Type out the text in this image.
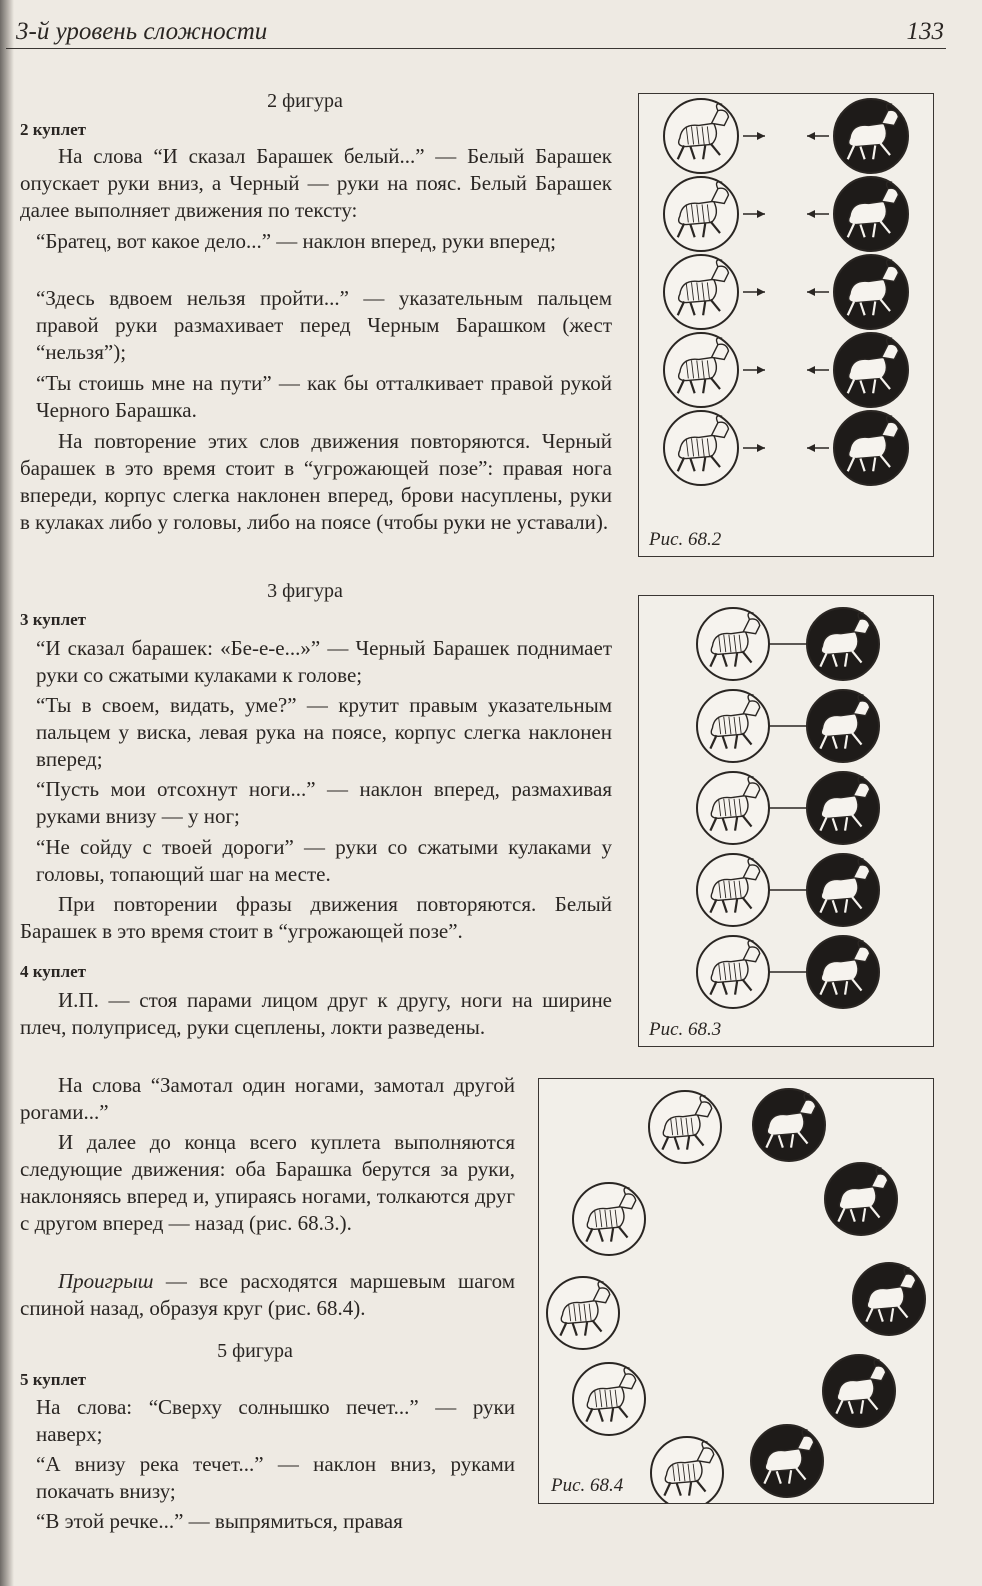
3-й уровень сложности	133
2 фигура
2 куплет

На слова “И сказал Барашек белый...” — Белый Барашек опускает руки вниз, а Черный — руки на пояс. Белый Барашек далее выполняет движения по тексту:

“Братец, вот какое дело...” — наклон вперед, руки вперед;

“Здесь вдвоем нельзя пройти...” — указательным пальцем правой руки размахивает перед Черным Барашком (жест “нельзя”);

“Ты стоишь мне на пути” — как бы отталкивает правой рукой Черного Барашка.

На повторение этих слов движения повторяются. Черный барашек в это время стоит в “угрожающей позе”: правая нога впереди, корпус слегка наклонен вперед, брови насуплены, руки в кулаках либо у головы, либо на поясе (чтобы руки не уставали).

3 фигура
3 куплет

“И сказал барашек: «Бе-е-е...»” — Черный Барашек поднимает руки со сжатыми кулаками к голове;

“Ты в своем, видать, уме?” — крутит правым указательным пальцем у виска, левая рука на поясе, корпус слегка наклонен вперед;

“Пусть мои отсохнут ноги...” — наклон вперед, размахивая руками внизу — у ног;

“Не сойду с твоей дороги” — руки со сжатыми кулаками у головы, топающий шаг на месте.

При повторении фразы движения повторяются. Белый Барашек в это время стоит в “угрожающей позе”.

4 куплет

И.П. — стоя парами лицом друг к другу, ноги на ширине плеч, полуприсед, руки сцеплены, локти разведены.

На слова “Замотал один ногами, замотал другой рогами...”

И далее до конца всего куплета выполняются следующие движения: оба Барашка берутся за руки, наклоняясь вперед и, упираясь ногами, толкаются друг с другом вперед — назад (рис. 68.3.).

Проигрыш — все расходятся маршевым шагом спиной назад, образуя круг (рис. 68.4).

5 фигура
5 куплет

На слова: “Сверху солнышко печет...” — руки наверх;

“А внизу река течет...” — наклон вниз, руками покачать внизу;

“В этой речке...” — выпрямиться, правая

Рис. 68.2
Рис. 68.3
Рис. 68.4
